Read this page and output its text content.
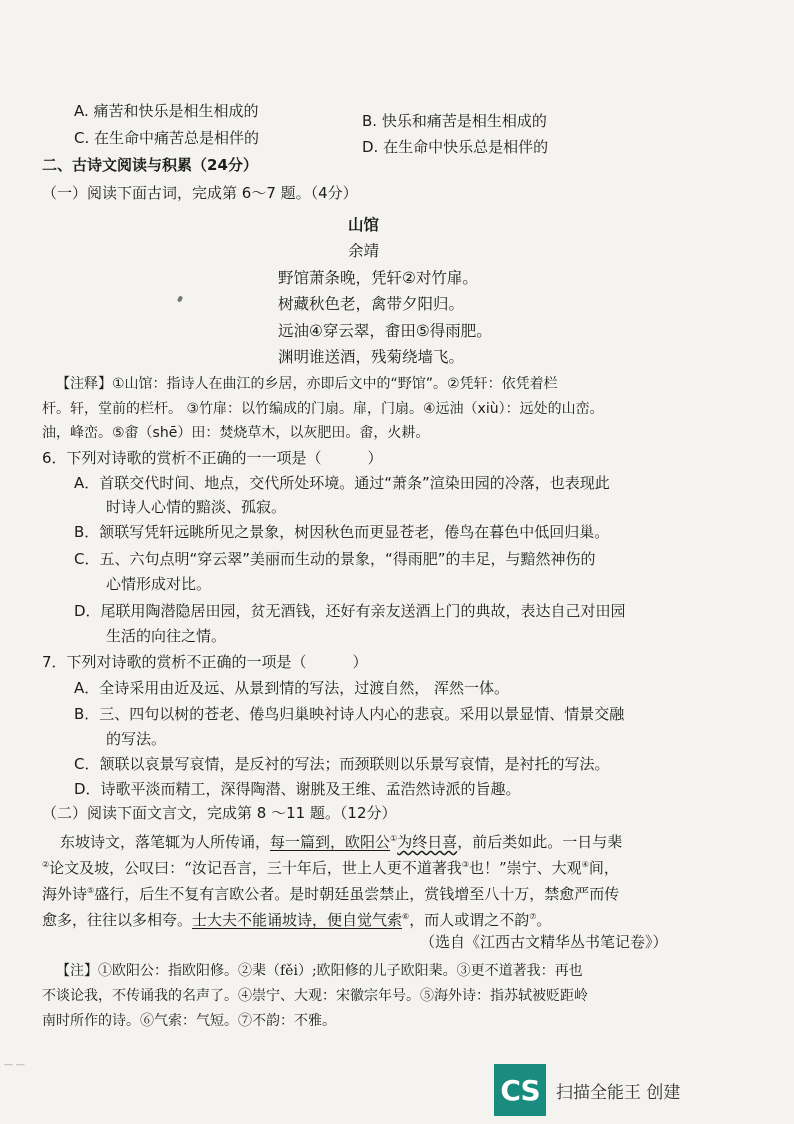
A. 痛苦和快乐是相生相成的
B. 快乐和痛苦是相生相成的
C. 在生命中痛苦总是相伴的	D. 在生命中快乐总是相伴的
二、古诗文阅读与积累（24分）
（一）阅读下面古词，完成第 6～7 题。（4分）
山馆
余靖
野馆萧条晚，凭轩②对竹扉。
树藏秋色老，禽带夕阳归。
远油④穿云翠，畬田⑤得雨肥。
渊明谁送酒，残菊绕墙飞。
【注释】①山馆：指诗人在曲江的乡居，亦即后文中的“野馆”。②凭轩：依凭着栏
杆。轩，堂前的栏杆。 ③竹扉：以竹编成的门扇。扉，门扇。④远油（xiù）：远处的山峦。
油，峰峦。⑤畬（shē）田：焚烧草木，以灰肥田。畬，火耕。
6．下列对诗歌的赏析不正确的一一项是（	）
A．首联交代时间、地点，交代所处环境。通过“萧条”渲染田园的冷落，也表现此
时诗人心情的黯淡、孤寂。
B．颔联写凭轩远眺所见之景象，树因秋色而更显苍老，倦鸟在暮色中低回归巢。
C．五、六句点明“穿云翠”美丽而生动的景象，“得雨肥”的丰足，与黯然神伤的
心情形成对比。
D．尾联用陶潜隐居田园，贫无酒钱，还好有亲友送酒上门的典故，表达自己对田园
生活的向往之情。
7．下列对诗歌的赏析不正确的一项是（	）
A．全诗采用由近及远、从景到情的写法，过渡自然， 浑然一体。
B．三、四句以树的苍老、倦鸟归巢映衬诗人内心的悲哀。采用以景显情、情景交融
的写法。
C．颔联以哀景写哀情，是反衬的写法；而颈联则以乐景写哀情，是衬托的写法。
D．诗歌平淡而精工，深得陶潜、谢朓及王维、孟浩然诗派的旨趣。
（二）阅读下面文言文，完成第 8 ～11 题。（12分）
东坡诗文，落笔辄为人所传诵，每一篇到，欧阳公①为终日喜，前后类如此。一日与棐
②论文及坡，公叹曰：“汝记吾言，三十年后，世上人更不道著我③也！”崇宁、大观④间，
海外诗⑤盛行，后生不复有言欧公者。是时朝廷虽尝禁止，赏钱增至八十万，禁愈严而传
愈多，往往以多相夸。士大夫不能诵坡诗，便自觉气索⑥，而人或谓之不韵⑦。
（选自《江西古文精华丛书笔记卷》）
【注】①欧阳公：指欧阳修。②棐（fěi）;欧阳修的儿子欧阳棐。③更不道著我：再也
不谈论我，不传诵我的名声了。④崇宁、大观：宋徽宗年号。⑤海外诗：指苏轼被贬距岭
南时所作的诗。⑥气索：气短。⑦不韵：不雅。
— —
CS 扫描全能王 创建
